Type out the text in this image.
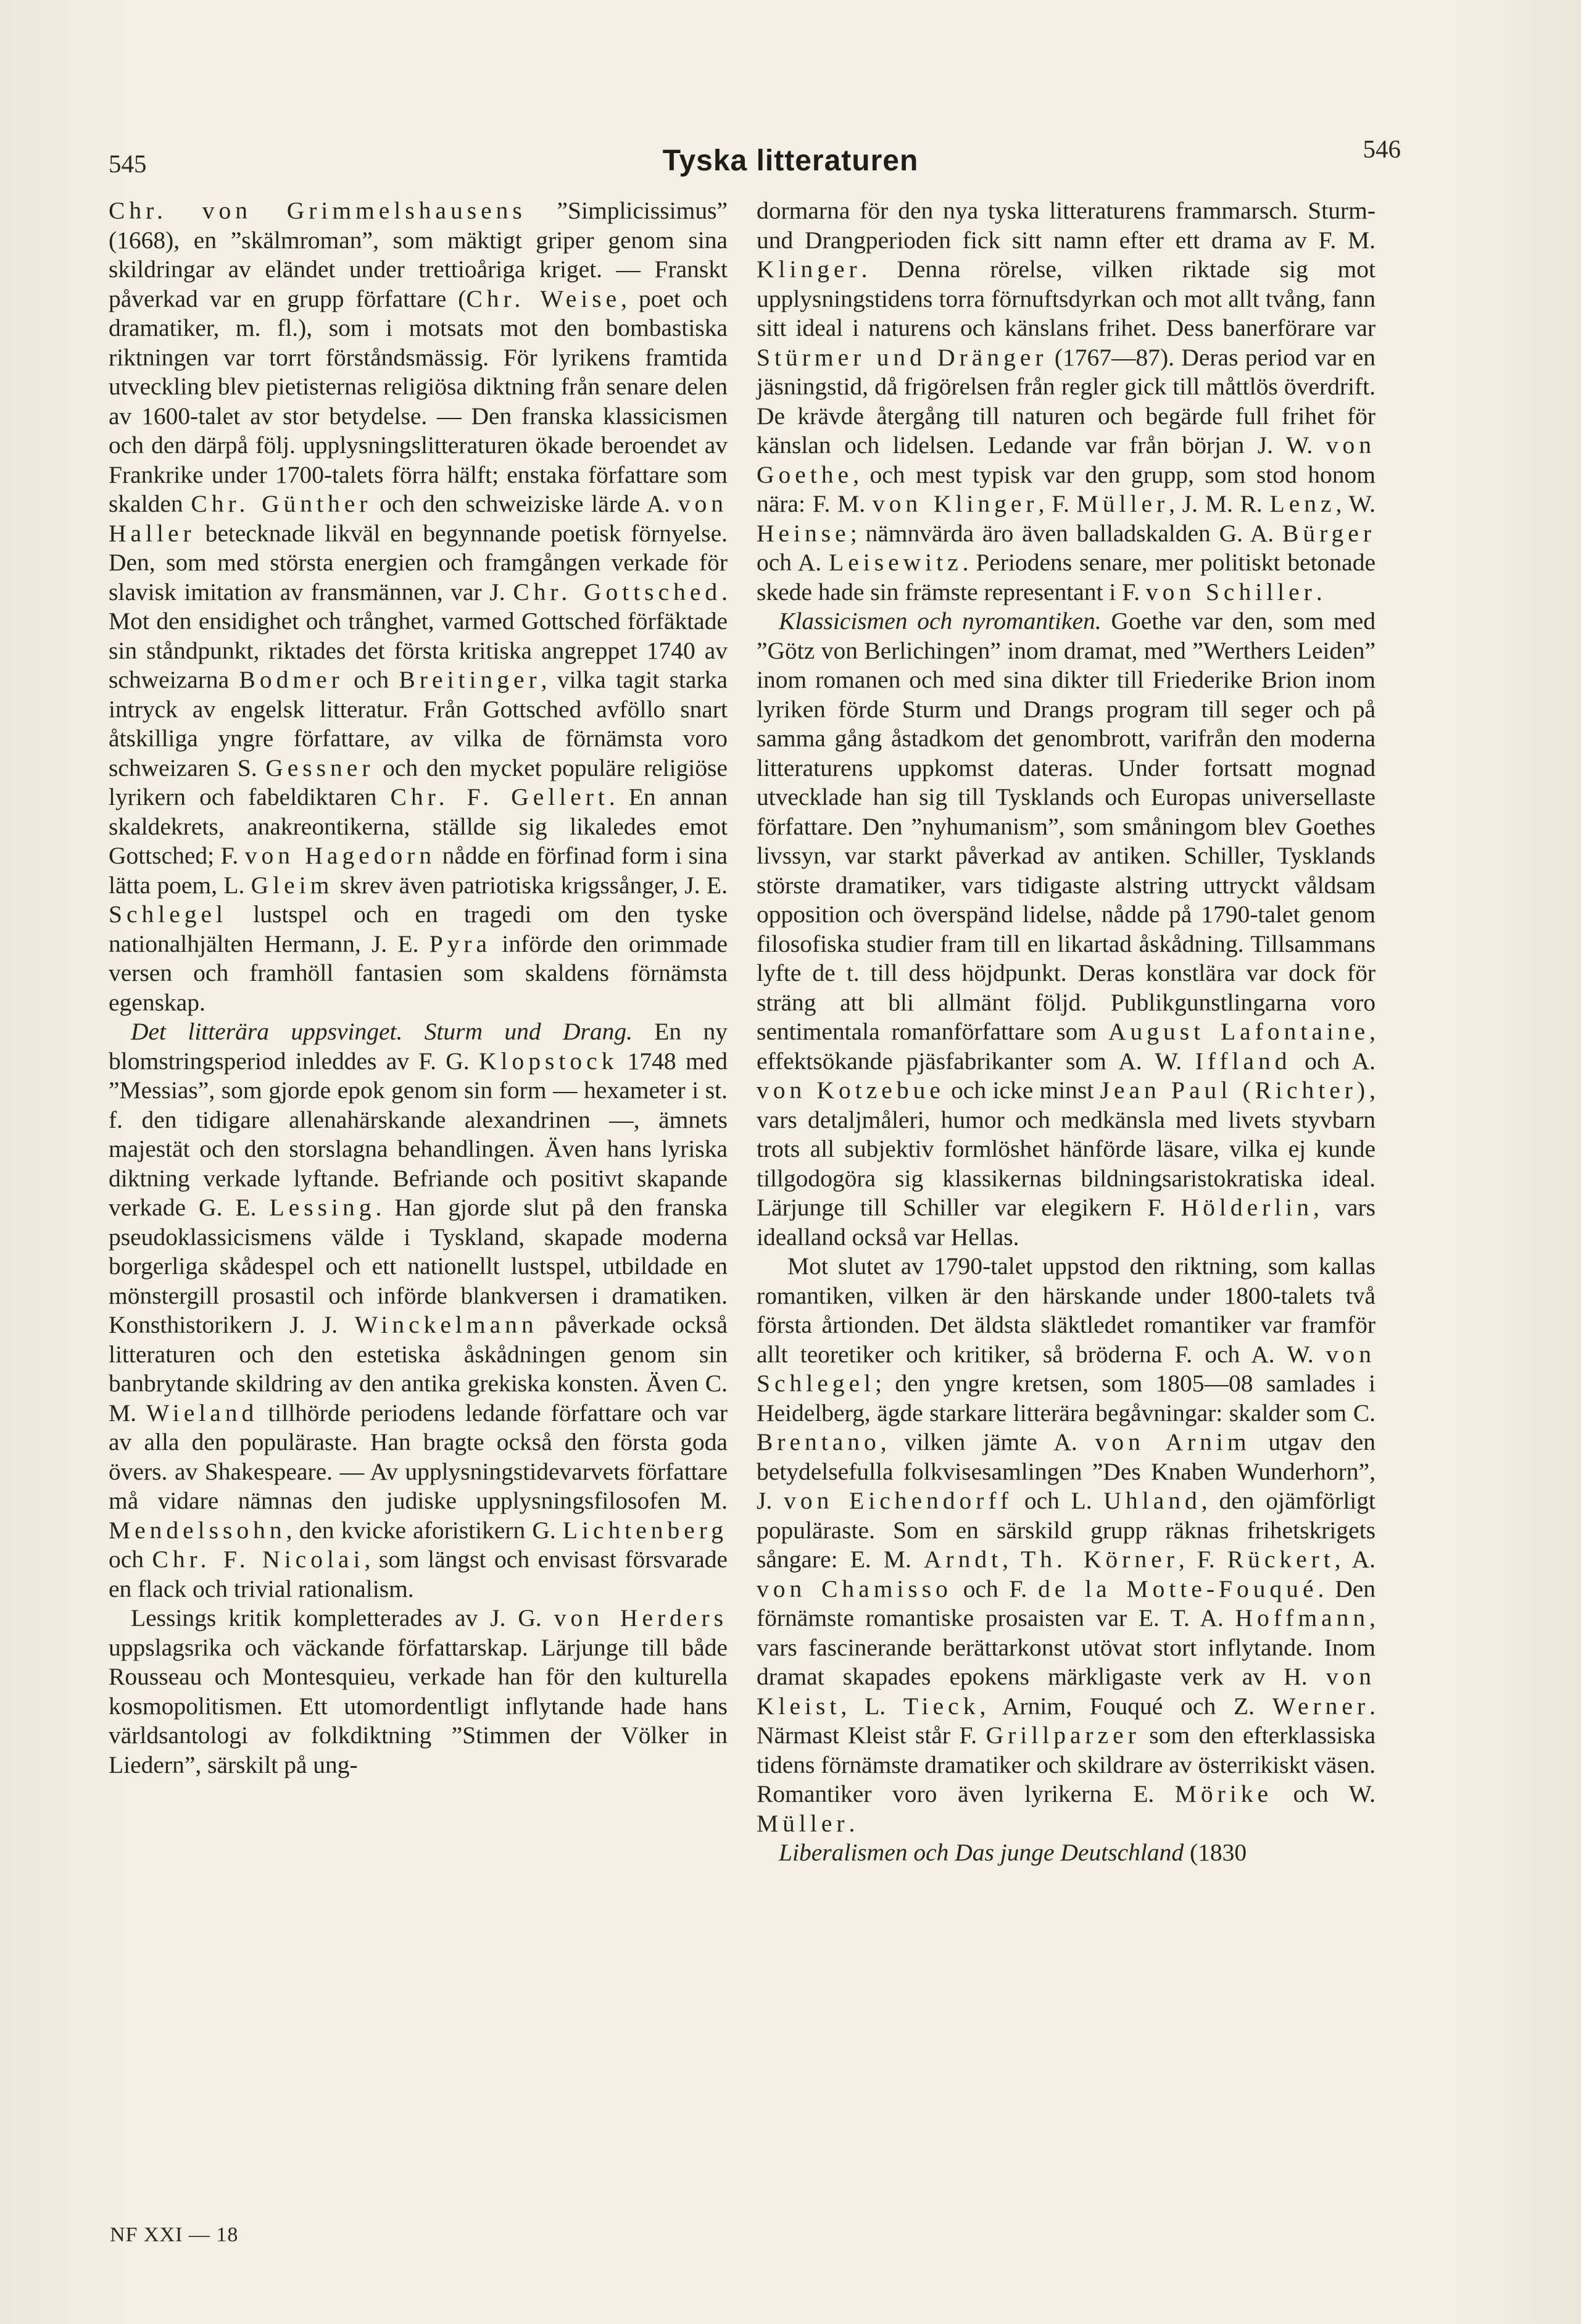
545	Tyska litteraturen	546

Chr. von Grimmelshausens ”Simplicissimus” (1668), en ”skälmroman”, som mäktigt griper genom sina skildringar av eländet under trettioåriga kriget. — Franskt påverkad var en grupp författare (Chr. Weise, poet och dramatiker, m. fl.), som i motsats mot den bombastiska riktningen var torrt förståndsmässig. För lyrikens framtida utveckling blev pietisternas religiösa diktning från senare delen av 1600-talet av stor betydelse. — Den franska klassicismen och den därpå följ. upplysningslitteraturen ökade beroendet av Frankrike under 1700-talets förra hälft; enstaka författare som skalden Chr. Günther och den schweiziske lärde A. von Haller betecknade likväl en begynnande poetisk förnyelse. Den, som med största energien och framgången verkade för slavisk imitation av fransmännen, var J. Chr. Gottsched. Mot den ensidighet och trånghet, varmed Gottsched förfäktade sin ståndpunkt, riktades det första kritiska angreppet 1740 av schweizarna Bodmer och Breitinger, vilka tagit starka intryck av engelsk litteratur. Från Gottsched avföllo snart åtskilliga yngre författare, av vilka de förnämsta voro schweizaren S. Gessner och den mycket populäre religiöse lyrikern och fabeldiktaren Chr. F. Gellert. En annan skaldekrets, anakreontikerna, ställde sig likaledes emot Gottsched; F. von Hagedorn nådde en förfinad form i sina lätta poem, L. Gleim skrev även patriotiska krigssånger, J. E. Schlegel lustspel och en tragedi om den tyske nationalhjälten Hermann, J. E. Pyra införde den orimmade versen och framhöll fantasien som skaldens förnämsta egenskap.

Det litterära uppsvinget. Sturm und Drang. En ny blomstringsperiod inleddes av F. G. Klopstock 1748 med ”Messias”, som gjorde epok genom sin form — hexameter i st. f. den tidigare allenahärskande alexandrinen —, ämnets majestät och den storslagna behandlingen. Även hans lyriska diktning verkade lyftande. Befriande och positivt skapande verkade G. E. Lessing. Han gjorde slut på den franska pseudoklassicismens välde i Tyskland, skapade moderna borgerliga skådespel och ett nationellt lustspel, utbildade en mönstergill prosastil och införde blankversen i dramatiken. Konsthistorikern J. J. Winckelmann påverkade också litteraturen och den estetiska åskådningen genom sin banbrytande skildring av den antika grekiska konsten. Även C. M. Wieland tillhörde periodens ledande författare och var av alla den populäraste. Han bragte också den första goda övers. av Shakespeare. — Av upplysningstidevarvets författare må vidare nämnas den judiske upplysningsfilosofen M. Mendelssohn, den kvicke aforistikern G. Lichtenberg och Chr. F. Nicolai, som längst och envisast försvarade en flack och trivial rationalism.

Lessings kritik kompletterades av J. G. von Herders uppslagsrika och väckande författarskap. Lärjunge till både Rousseau och Montesquieu, verkade han för den kulturella kosmopolitismen. Ett utomordentligt inflytande hade hans världsantologi av folkdiktning ”Stimmen der Völker in Liedern”, särskilt på ung-

dormarna för den nya tyska litteraturens frammarsch. Sturm- und Drangperioden fick sitt namn efter ett drama av F. M. Klinger. Denna rörelse, vilken riktade sig mot upplysningstidens torra förnuftsdyrkan och mot allt tvång, fann sitt ideal i naturens och känslans frihet. Dess banerförare var Stürmer und Dränger (1767—87). Deras period var en jäsningstid, då frigörelsen från regler gick till måttlös överdrift. De krävde återgång till naturen och begärde full frihet för känslan och lidelsen. Ledande var från början J. W. von Goethe, och mest typisk var den grupp, som stod honom nära: F. M. von Klinger, F. Müller, J. M. R. Lenz, W. Heinse; nämnvärda äro även balladskalden G. A. Bürger och A. Leisewitz. Periodens senare, mer politiskt betonade skede hade sin främste representant i F. von Schiller.

Klassicismen och nyromantiken. Goethe var den, som med ”Götz von Berlichingen” inom dramat, med ”Werthers Leiden” inom romanen och med sina dikter till Friederike Brion inom lyriken förde Sturm und Drangs program till seger och på samma gång åstadkom det genombrott, varifrån den moderna litteraturens uppkomst dateras. Under fortsatt mognad utvecklade han sig till Tysklands och Europas universellaste författare. Den ”nyhumanism”, som småningom blev Goethes livssyn, var starkt påverkad av antiken. Schiller, Tysklands störste dramatiker, vars tidigaste alstring uttryckt våldsam opposition och överspänd lidelse, nådde på 1790-talet genom filosofiska studier fram till en likartad åskådning. Tillsammans lyfte de t. till dess höjdpunkt. Deras konstlära var dock för sträng att bli allmänt följd. Publikgunstlingarna voro sentimentala romanförfattare som August Lafontaine, effektsökande pjäsfabrikanter som A. W. Iffland och A. von Kotzebue och icke minst Jean Paul (Richter), vars detaljmåleri, humor och medkänsla med livets styvbarn trots all subjektiv formlöshet hänförde läsare, vilka ej kunde tillgodogöra sig klassikernas bildningsaristokratiska ideal. Lärjunge till Schiller var elegikern F. Hölderlin, vars idealland också var Hellas.

Mot slutet av 1790-talet uppstod den riktning, som kallas romantiken, vilken är den härskande under 1800-talets två första årtionden. Det äldsta släktledet romantiker var framför allt teoretiker och kritiker, så bröderna F. och A. W. von Schlegel; den yngre kretsen, som 1805—08 samlades i Heidelberg, ägde starkare litterära begåvningar: skalder som C. Brentano, vilken jämte A. von Arnim utgav den betydelsefulla folkvisesamlingen ”Des Knaben Wunderhorn”, J. von Eichendorff och L. Uhland, den ojämförligt populäraste. Som en särskild grupp räknas frihetskrigets sångare: E. M. Arndt, Th. Körner, F. Rückert, A. von Chamisso och F. de la Motte-Fouqué. Den förnämste romantiske prosaisten var E. T. A. Hoffmann, vars fascinerande berättarkonst utövat stort inflytande. Inom dramat skapades epokens märkligaste verk av H. von Kleist, L. Tieck, Arnim, Fouqué och Z. Werner. Närmast Kleist står F. Grillparzer som den efterklassiska tidens förnämste dramatiker och skildrare av österrikiskt väsen. Romantiker voro även lyrikerna E. Mörike och W. Müller.

Liberalismen och Das junge Deutschland (1830

NF XXI — 18
